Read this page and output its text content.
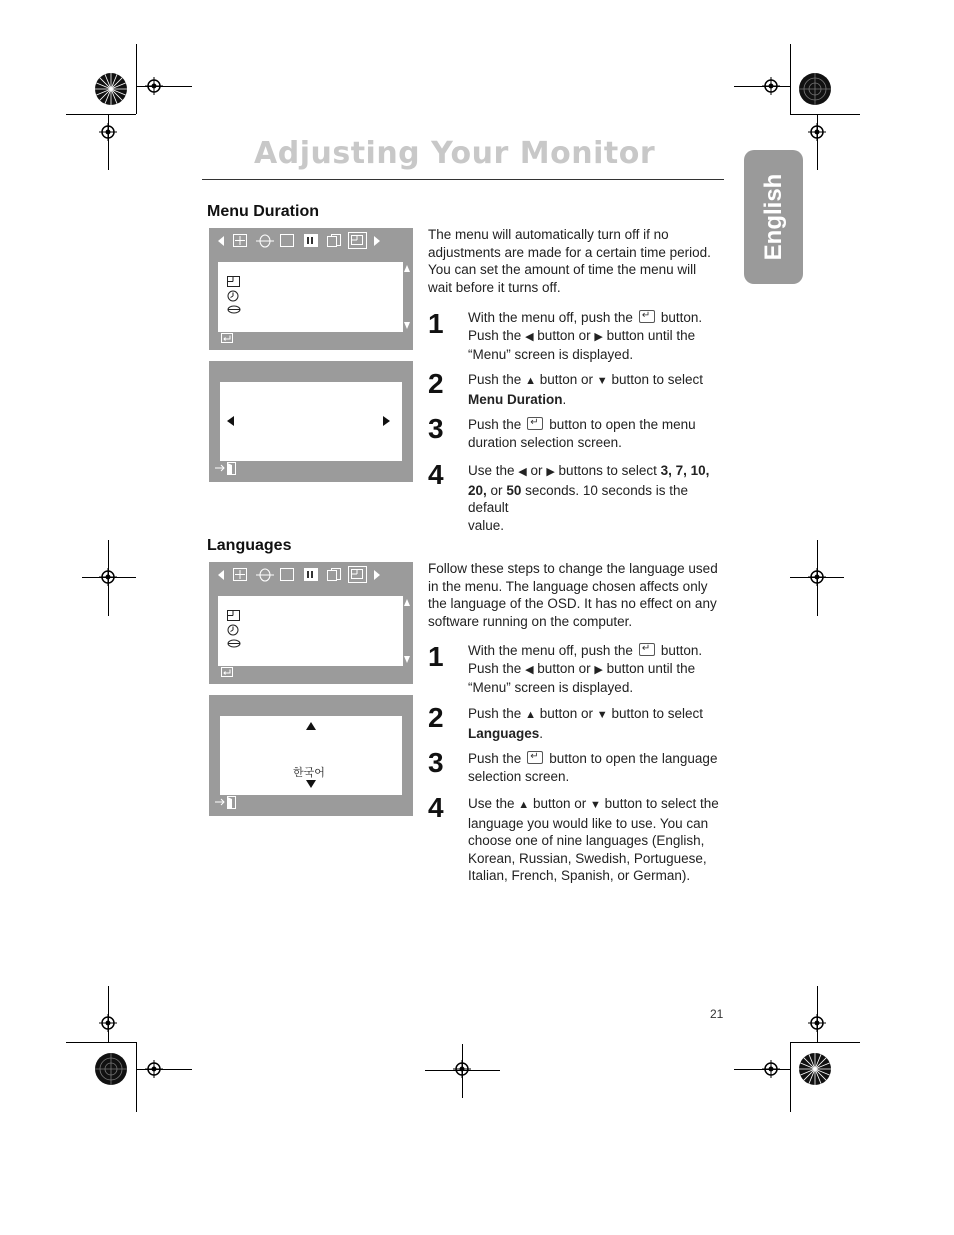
Adjusting Your Monitor
English
Menu Duration
The menu will automatically turn off if no adjustments are made for a certain time period. You can set the amount of time the menu will wait before it turns off.
1 With the menu off, push the↵ button.
Push the ◀ button or ▶ button until the
“Menu” screen is displayed.
2 Push the ▲ button or ▼ button to select
Menu Duration.
3 Push the ↵ button to open the menu
duration selection screen.
4 Use the ◀ or ▶ buttons to select 3, 7, 10,
20, or 50 seconds. 10 seconds is the default
value.
Languages
한국어
Follow these steps to change the language used in the menu. The language chosen affects only the language of the OSD. It has no effect on any software running on the computer.
1 With the menu off, push the↵ button.
Push the ◀ button or ▶ button until the
“Menu” screen is displayed.
2 Push the ▲ button or ▼ button to select
Languages.
3 Push the ↵ button to open the language
selection screen.
4 Use the ▲ button or ▼ button to select the
language you would like to use. You can
choose one of nine languages (English,
Korean, Russian, Swedish, Portuguese,
Italian, French, Spanish, or German).
21
